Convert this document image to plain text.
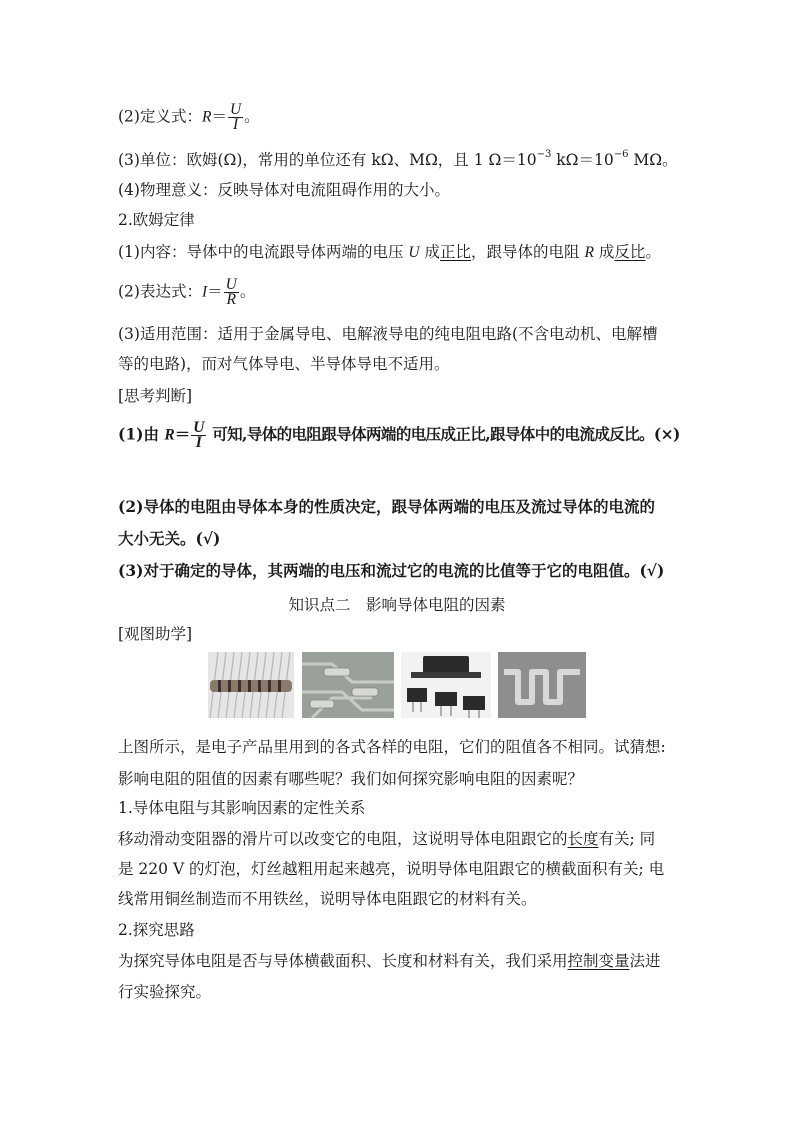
(2)定义式：$R= \frac{U}{I}$ 。
(3)单位：欧姆(Ω)，常用的单位还有 kΩ、MΩ，且 1 $\Omega=10^{-3}$ $k\Omega=10^{-6}$ MΩ。
(4)物理意义：反映导体对电流阻碍作用的大小。
2.欧姆定律
(1)内容：导体中的电流跟导体两端的电压 U 成正比，跟导体的电阻 R 成反比。
(2)表达式：$I= \frac{U}{R}$ 。
(3)适用范围：适用于金属导电、电解液导电的纯电阻电路(不含电动机、电解槽
等的电路)，而对气体导电、半导体导电不适用。
[思考判断]
(1)由 $R= \frac{U}{I}$ 可知,导体的电阻跟导体两端的电压成正比,跟导体中的电流成反比。(×)
(2)导体的电阻由导体本身的性质决定，跟导体两端的电压及流过导体的电流的
大小无关。(√)
(3)对于确定的导体，其两端的电压和流过它的电流的比值等于它的电阻值。(√)
知识点二　影响导体电阻的因素
[观图助学]
上图所示，是电子产品里用到的各式各样的电阻，它们的阻值各不相同。试猜想:
影响电阻的阻值的因素有哪些呢？我们如何探究影响电阻的因素呢？
1.导体电阻与其影响因素的定性关系
移动滑动变阻器的滑片可以改变它的电阻，这说明导体电阻跟它的长度有关; 同
是 220 V 的灯泡，灯丝越粗用起来越亮，说明导体电阻跟它的横截面积有关; 电
线常用铜丝制造而不用铁丝，说明导体电阻跟它的材料有关。
2.探究思路
为探究导体电阻是否与导体横截面积、长度和材料有关，我们采用控制变量法进
行实验探究。
